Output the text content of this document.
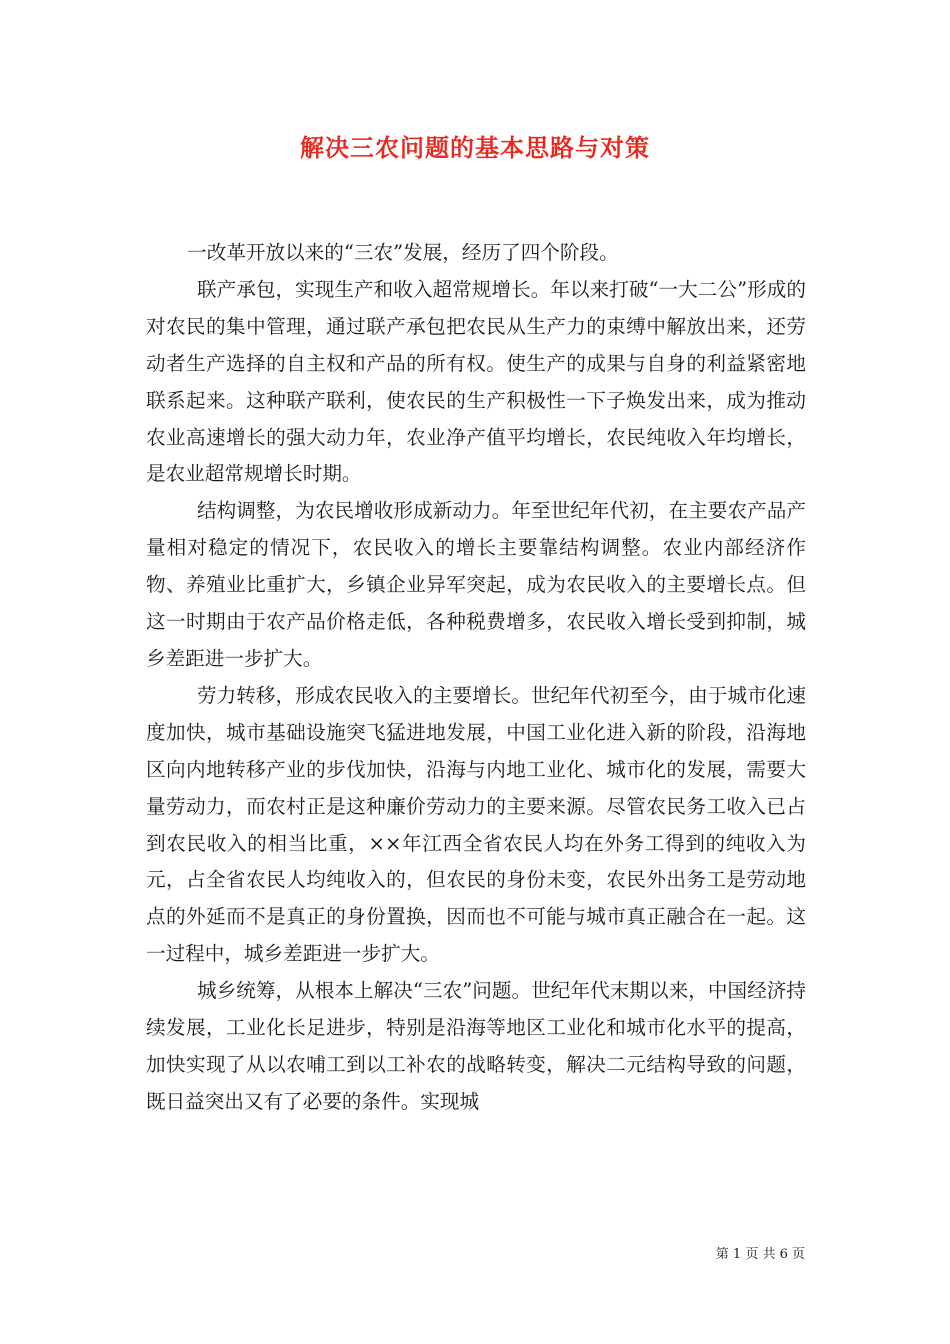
解决三农问题的基本思路与对策

一改革开放以来的“三农”发展，经历了四个阶段。

联产承包，实现生产和收入超常规增长。年以来打破“一大二公”形成的对农民的集中管理，通过联产承包把农民从生产力的束缚中解放出来，还劳动者生产选择的自主权和产品的所有权。使生产的成果与自身的利益紧密地联系起来。这种联产联利，使农民的生产积极性一下子焕发出来，成为推动农业高速增长的强大动力年，农业净产值平均增长，农民纯收入年均增长，是农业超常规增长时期。

结构调整，为农民增收形成新动力。年至世纪年代初，在主要农产品产量相对稳定的情况下，农民收入的增长主要靠结构调整。农业内部经济作物、养殖业比重扩大，乡镇企业异军突起，成为农民收入的主要增长点。但这一时期由于农产品价格走低，各种税费增多，农民收入增长受到抑制，城乡差距进一步扩大。

劳力转移，形成农民收入的主要增长。世纪年代初至今，由于城市化速度加快，城市基础设施突飞猛进地发展，中国工业化进入新的阶段，沿海地区向内地转移产业的步伐加快，沿海与内地工业化、城市化的发展，需要大量劳动力，而农村正是这种廉价劳动力的主要来源。尽管农民务工收入已占到农民收入的相当比重，××年江西全省农民人均在外务工得到的纯收入为元，占全省农民人均纯收入的，但农民的身份未变，农民外出务工是劳动地点的外延而不是真正的身份置换，因而也不可能与城市真正融合在一起。这一过程中，城乡差距进一步扩大。

城乡统筹，从根本上解决“三农”问题。世纪年代末期以来，中国经济持续发展，工业化长足进步，特别是沿海等地区工业化和城市化水平的提高，加快实现了从以农哺工到以工补农的战略转变，解决二元结构导致的问题，既日益突出又有了必要的条件。实现城

第 1 页 共 6 页
